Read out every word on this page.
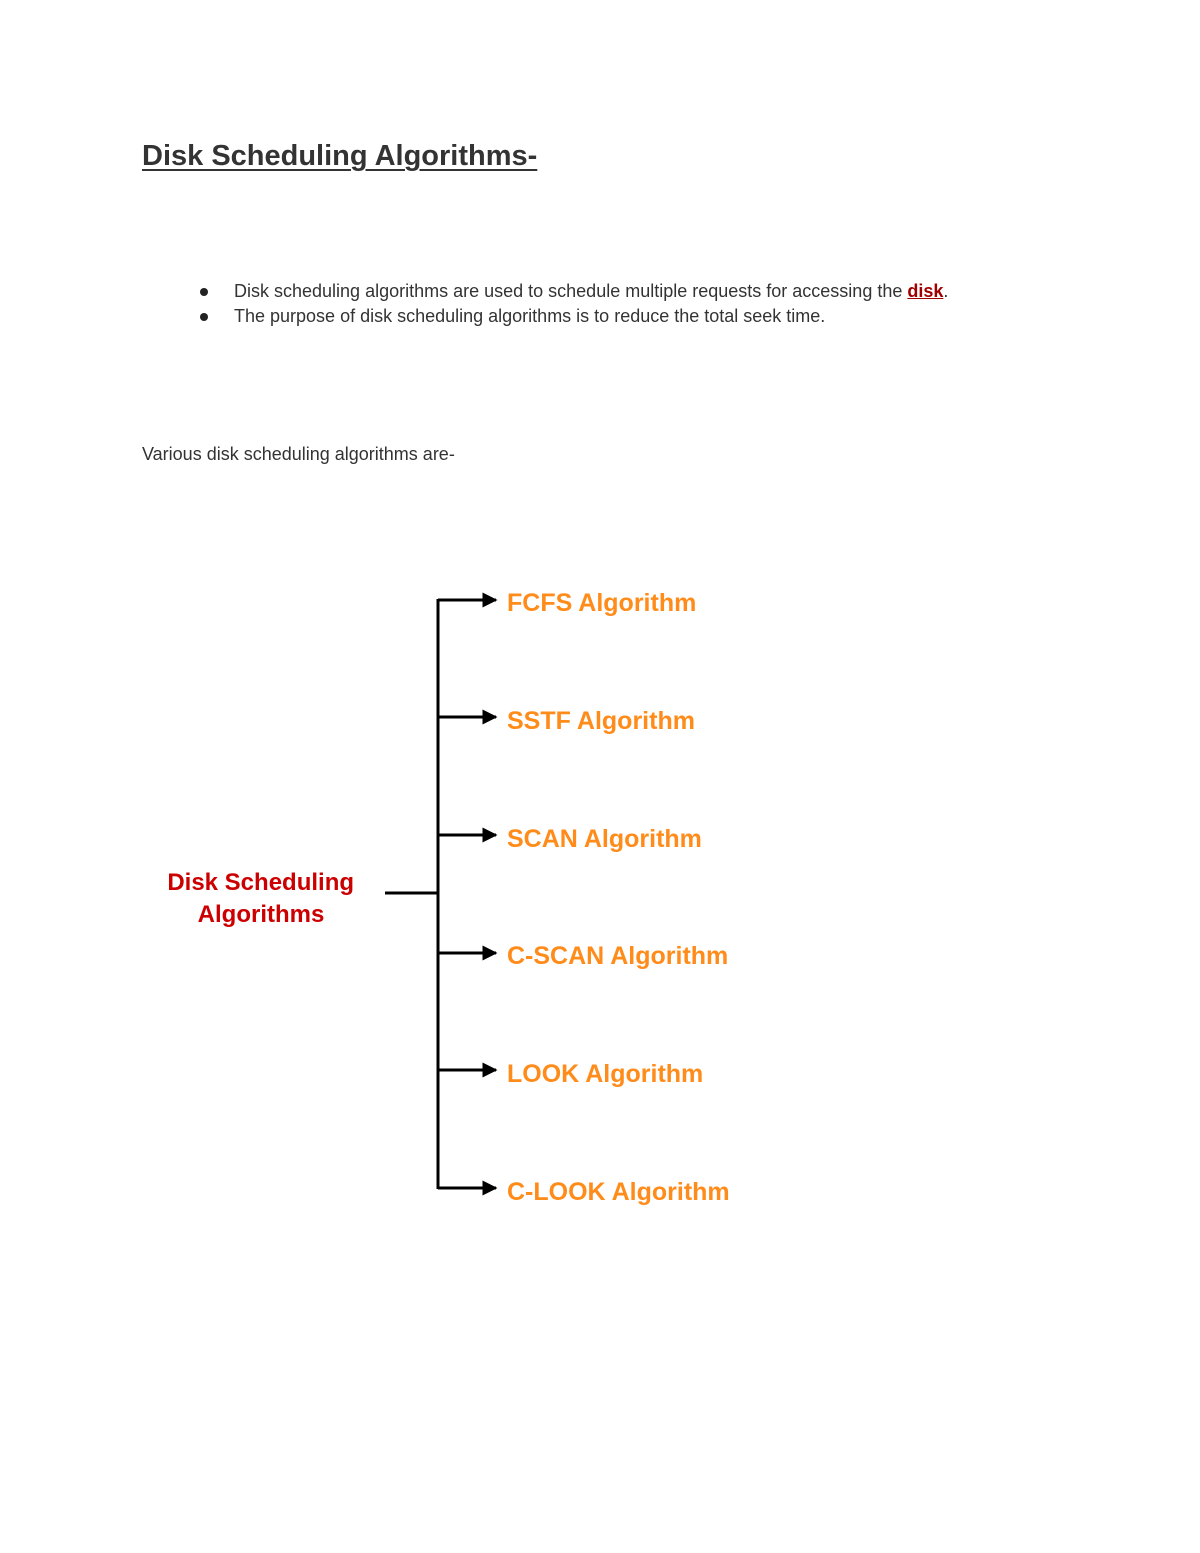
Disk Scheduling Algorithms-
Disk scheduling algorithms are used to schedule multiple requests for accessing the disk.
The purpose of disk scheduling algorithms is to reduce the total seek time.

Various disk scheduling algorithms are-

Disk Scheduling Algorithms
FCFS Algorithm
SSTF Algorithm
SCAN Algorithm
C-SCAN Algorithm
LOOK Algorithm
C-LOOK Algorithm
